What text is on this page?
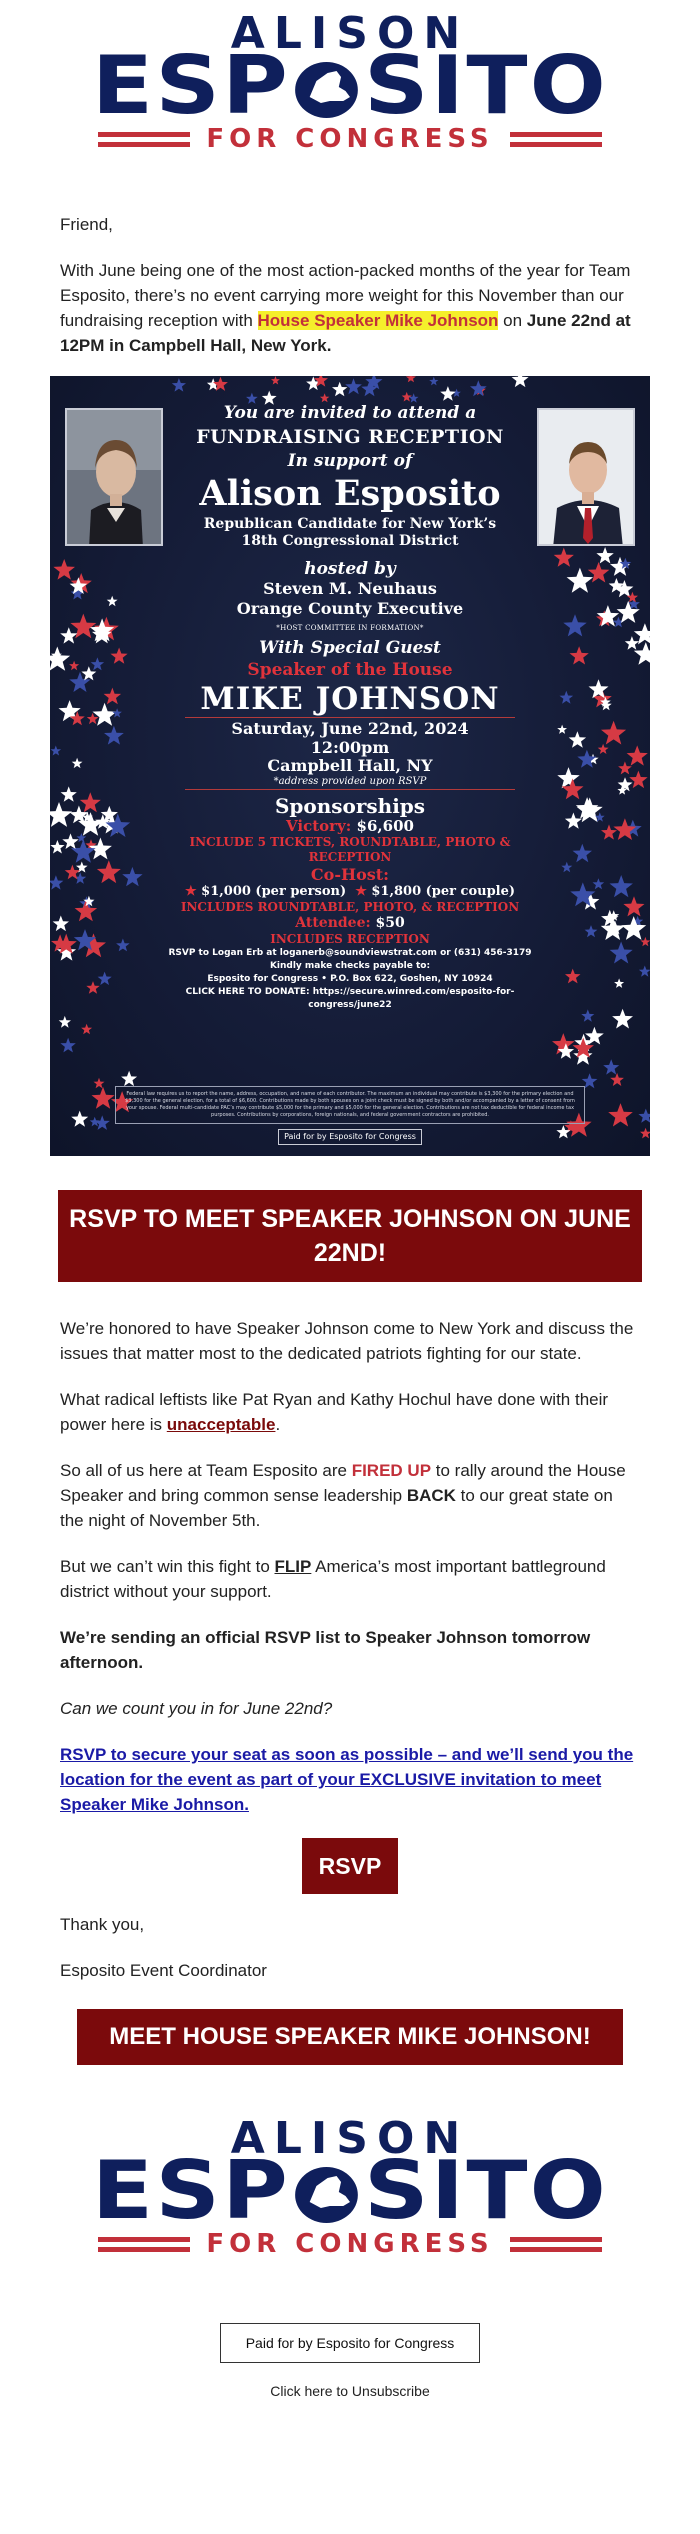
ALISON
ESP SITO
FOR CONGRESS

Friend,

With June being one of the most action-packed months of the year for Team Esposito, there’s no event carrying more weight for this November than our fundraising reception with House Speaker Mike Johnson on June 22nd at 12PM in Campbell Hall, New York.

You are invited to attend a
FUNDRAISING RECEPTION
In support of
Alison Esposito
Republican Candidate for New York’s
18th Congressional District
hosted by
Steven M. Neuhaus
Orange County Executive
*HOST COMMITTEE IN FORMATION*
With Special Guest
Speaker of the House
MIKE JOHNSON
Saturday, June 22nd, 2024
12:00pm
Campbell Hall, NY
*address provided upon RSVP
Sponsorships
Victory: $6,600
INCLUDE 5 TICKETS, ROUNDTABLE, PHOTO & RECEPTION
Co-Host:
★ $1,000 (per person) ★ $1,800 (per couple)
INCLUDES ROUNDTABLE, PHOTO, & RECEPTION
Attendee: $50
INCLUDES RECEPTION
RSVP to Logan Erb at loganerb@soundviewstrat.com or (631) 456-3179
Kindly make checks payable to:
Esposito for Congress • P.O. Box 622, Goshen, NY 10924
CLICK HERE TO DONATE: https://secure.winred.com/esposito-for-congress/june22
Federal law requires us to report the name, address, occupation, and name of each contributor. The maximum an individual may contribute is $3,300 for the primary election and $3,300 for the general election, for a total of $6,600. Contributions made by both spouses on a joint check must be signed by both and/or accompanied by a letter of consent from your spouse. Federal multi-candidate PAC’s may contribute $5,000 for the primary and $5,000 for the general election. Contributions are not tax deductible for federal income tax purposes. Contributions by corporations, foreign nationals, and federal government contractors are prohibited.
Paid for by Esposito for Congress
RSVP TO MEET SPEAKER JOHNSON ON JUNE 22ND!

We’re honored to have Speaker Johnson come to New York and discuss the issues that matter most to the dedicated patriots fighting for our state.

What radical leftists like Pat Ryan and Kathy Hochul have done with their power here is unacceptable.

So all of us here at Team Esposito are FIRED UP to rally around the House Speaker and bring common sense leadership BACK to our great state on the night of November 5th.

But we can’t win this fight to FLIP America’s most important battleground district without your support.

We’re sending an official RSVP list to Speaker Johnson tomorrow afternoon.

Can we count you in for June 22nd?

RSVP to secure your seat as soon as possible – and we’ll send you the location for the event as part of your EXCLUSIVE invitation to meet Speaker Mike Johnson.

RSVP

Thank you,

Esposito Event Coordinator

MEET HOUSE SPEAKER MIKE JOHNSON!
ALISON
ESP SITO
FOR CONGRESS
Paid for by Esposito for Congress
Click here to Unsubscribe
